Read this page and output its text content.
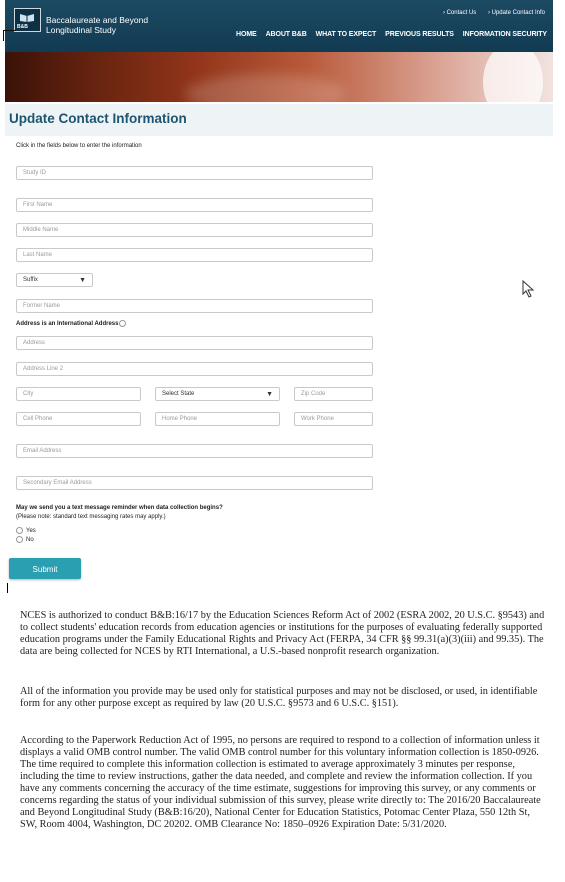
B&B
Baccalaureate and Beyond
Longitudinal Study
› Contact Us › Update Contact Info
HOME ABOUT B&B WHAT TO EXPECT PREVIOUS RESULTS INFORMATION SECURITY
Update Contact Information
Click in the fields below to enter the information
Study ID
First Name
Middle Name
Last Name
Suffix	▼
Former Name
Address is an International Address
Address
Address Line 2
City	Select State	▼	Zip Code
Cell Phone	Home Phone	Work Phone
Email Address
Secondary Email Address
May we send you a text message reminder when data collection begins?
(Please note: standard text messaging rates may apply.)
Yes
No
Submit

NCES is authorized to conduct B&B:16/17 by the Education Sciences Reform Act of 2002 (ESRA 2002, 20 U.S.C. §9543) and to collect students' education records from education agencies or institutions for the purposes of evaluating federally supported education programs under the Family Educational Rights and Privacy Act (FERPA, 34 CFR §§ 99.31(a)(3)(iii) and 99.35). The data are being collected for NCES by RTI International, a U.S.-based nonprofit research organization.

All of the information you provide may be used only for statistical purposes and may not be disclosed, or used, in identifiable form for any other purpose except as required by law (20 U.S.C. §9573 and 6 U.S.C. §151).

According to the Paperwork Reduction Act of 1995, no persons are required to respond to a collection of information unless it displays a valid OMB control number. The valid OMB control number for this voluntary information collection is 1850-0926. The time required to complete this information collection is estimated to average approximately 3 minutes per response, including the time to review instructions, gather the data needed, and complete and review the information collection. If you have any comments concerning the accuracy of the time estimate, suggestions for improving this survey, or any comments or concerns regarding the status of your individual submission of this survey, please write directly to: The 2016/20 Baccalaureate and Beyond Longitudinal Study (B&B:16/20), National Center for Education Statistics, Potomac Center Plaza, 550 12th St, SW, Room 4004, Washington, DC 20202. OMB Clearance No: 1850–0926 Expiration Date: 5/31/2020.
